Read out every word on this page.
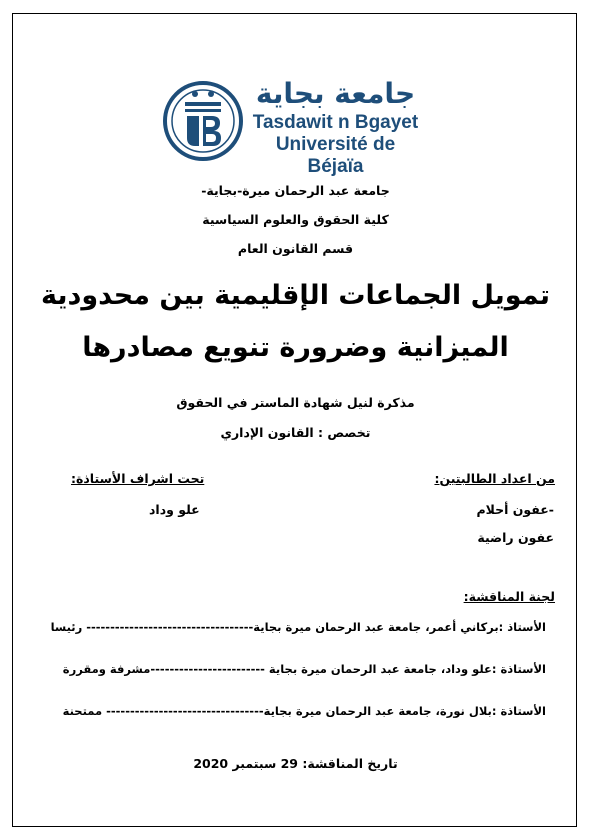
جامعة بجاية
Tasdawit n Bgayet
Université de Béjaïa
جامعة عبد الرحمان ميرة-بجاية-
كلية الحقوق والعلوم السياسية
قسم القانون العام
تمويل الجماعات الإقليمية بين محدودية
الميزانية وضرورة تنويع مصادرها
مذكرة لنيل شهادة الماستر في الحقوق
تخصص : القانون الإداري
من اعداد الطالبتين:
-عفون أحلام
عفون راضية
تحت اشراف الأستاذة:
علو وداد
لجنة المناقشة:
الأستاذ :بركاني أعمر، جامعة عبد الرحمان ميرة بجاية----------------------------------- رئيسا
الأستاذة :علو وداد، جامعة عبد الرحمان ميرة بجاية ------------------------مشرفة ومقررة
الأستاذة :بلال نورة، جامعة عبد الرحمان ميرة بجاية--------------------------------- ممتحنة
تاريخ المناقشة: 29 سبتمبر 2020
